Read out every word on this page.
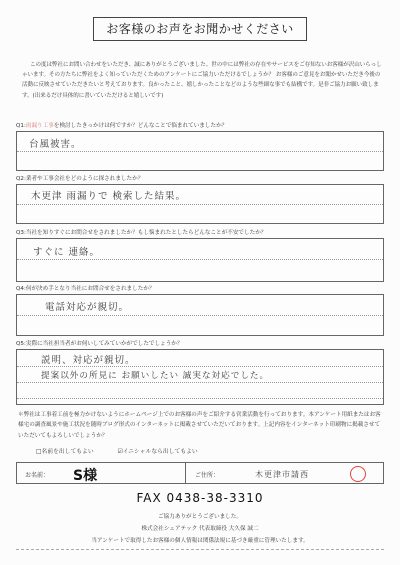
お客様のお声をお聞かせください

この度は弊社にお問い合わせをいただき、誠にありがとうございました。世の中には弊社の存在やサービスをご存知ないお客様が沢山いらっしゃいます。その方たちに弊社をよく知っていただくためのアンケートにご協力いただけるでしょうか？ お客様のご意見をお聞かせいただき今後の活動に反映させていただきたいと考えております。良かったこと、嬉しかったことなどのような些細な事でも結構です。是非ご協力お願い致します。(出来るだけ具体的に書いていただけると嬉しいです)

Q1:雨漏り工事を検討したきっかけは何ですか？どんなことで悩まれていましたか？
台風被害。
Q2:業者や工事会社をどのように探されましたか？
木更津 雨漏りで 検索した結果。
Q3:当社を知りすぐにお問合せをされましたか？もし悩まれたとしたらどんなことが不安でしたか？
すぐに 連絡。
Q4:何が決め手となり当社にお問合せをされましたか？
電話対応が親切。
Q5:実際に当社担当者がお伺いしてみていかがでしたでしょうか？
説明、対応が親切。
提案以外の所見に お願いしたい 誠実な対応でした。
＊弊社は工事着工前を極力かけないようにホームページ上でのお客様の声をご紹介する営業活動を行っております。本アンケート用紙またはお客様宅の調査風景や施工状況を随時ブログ形式のインターネットに掲載させていただいております。上記内容をインターネット印刷物に掲載させていただいてもよろしいでしょうか？
□名前を出してもよい	☑イニシャルなら出してもよい
お名前： S様	ご住所：	木更津市請西
FAX 0438-38-3310
ご協力ありがとうございました。
株式会社シェアテック 代表取締役 大久保 誠二
当アンケートで取得したお客様の個人情報は関係法規に基づき厳重に管理いたします。
